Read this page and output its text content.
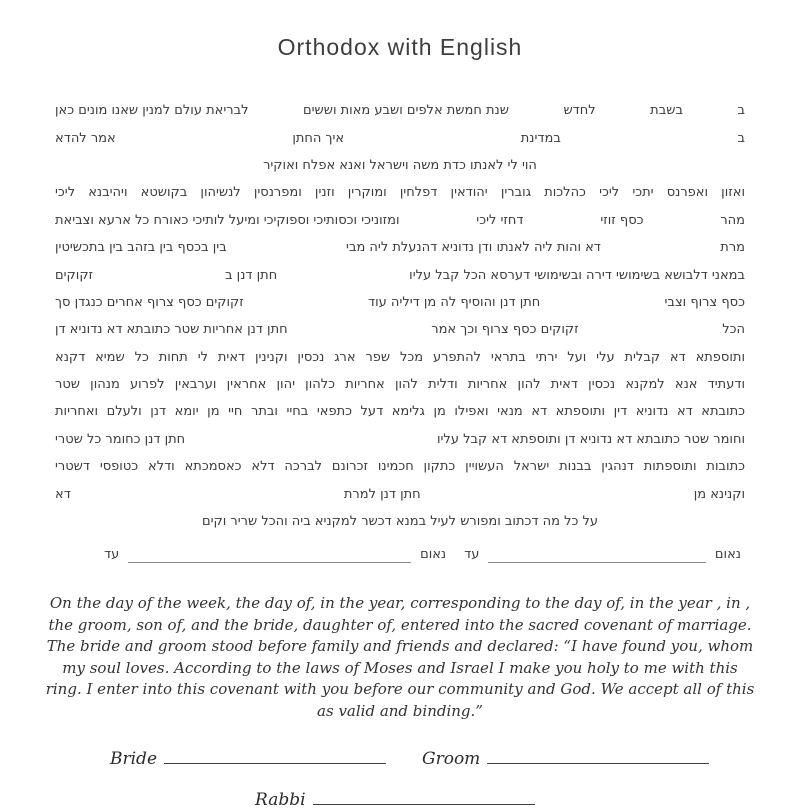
Orthodox with English
ב
בשבת
לחדש
שנת חמשת אלפים ושבע מאות וששים
לבריאת עולם למנין שאנו מונים כאן
ב
במדינת
איך החתן
אמר להדא
הוי לי לאנתו כדת משה וישראל ואנא אפלח ואוקיר
ואזון ואפרנס יתכי ליכי כהלכות גוברין יהודאין דפלחין ומוקרין וזנין ומפרנסין לנשיהון בקושטא ויהיבנא ליכי
מהר
כסף זוזי
דחזי ליכי
ומזוניכי וכסותיכי וספוקיכי ומיעל לותיכי כאורח כל ארעא וצביאת
מרת
דא והות ליה לאנתו ודן נדוניא דהנעלת ליה מבי
בין בכסף בין בזהב בין בתכשיטין
במאני דלבושא בשימושי דירה ובשימושי דערסא הכל קבל עליו
חתן דנן ב
זקוקים
כסף צרוף וצבי
חתן דנן והוסיף לה מן דיליה עוד
זקוקים כסף צרוף אחרים כנגדן סך
הכל
זקוקים כסף צרוף וכך אמר
חתן דנן אחריות שטר כתובתא דא נדוניא דן
ותוספתא דא קבלית עלי ועל ירתי בתראי להתפרע מכל שפר ארג נכסין וקנינין דאית לי תחות כל שמיא דקנא
ודעתיד אנא למקנא נכסין דאית להון אחריות ודלית להון אחריות כלהון יהון אחראין וערבאין לפרוע מנהון שטר
כתובתא דא נדוניא דין ותוספתא דא מנאי ואפילו מן גלימא דעל כתפאי בחיי ובתר חיי מן יומא דנן ולעלם ואחריות
וחומר שטר כתובתא דא נדוניא דן ותוספתא דא קבל עליו
חתן דנן כחומר כל שטרי
כתובות ותוספתות דנהגין בבנות ישראל העשויין כתקון חכמינו זכרונם לברכה דלא כאסמכתא ודלא כטופסי דשטרי
וקנינא מן
חתן דנן למרת
דא
על כל מה דכתוב ומפורש לעיל במנא דכשר למקניא ביה והכל שריר וקים
נאום
עד
נאום
עד

On the day of the week, the day of, in the year, corresponding to the day of, in the year , in , the groom, son of, and the bride, daughter of, entered into the sacred covenant of marriage. The bride and groom stood before family and friends and declared: “I have found you, whom my soul loves. According to the laws of Moses and Israel I make you holy to me with this ring. I enter into this covenant with you before our community and God. We accept all of this as valid and binding.”

Bride	Groom
Rabbi
